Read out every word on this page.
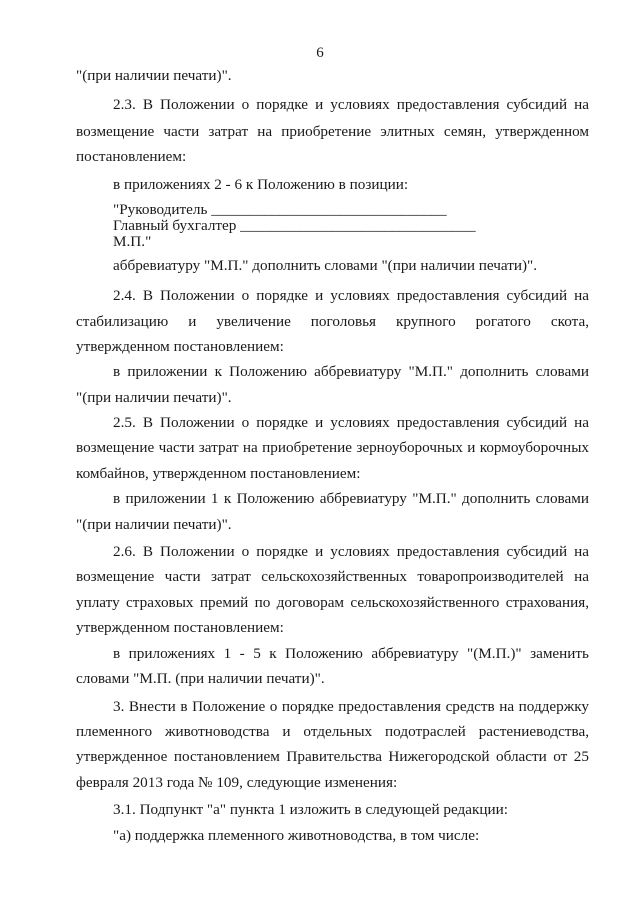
6
"(при наличии печати)".
2.3. В Положении о порядке и условиях предоставления субсидий на
возмещение части затрат на приобретение элитных семян, утвержденном
постановлением:
в приложениях 2 - 6 к Положению в позиции:
"Руководитель _______________________________
Главный бухгалтер _______________________________
М.П."
аббревиатуру "М.П." дополнить словами "(при наличии печати)".
2.4. В Положении о порядке и условиях предоставления субсидий на
стабилизацию и увеличение поголовья крупного рогатого скота,
утвержденном постановлением:
в приложении к Положению аббревиатуру "М.П." дополнить словами
"(при наличии печати)".
2.5. В Положении о порядке и условиях предоставления субсидий на
возмещение части затрат на приобретение зерноуборочных и кормоуборочных
комбайнов, утвержденном постановлением:
в приложении 1 к Положению аббревиатуру "М.П." дополнить словами
"(при наличии печати)".
2.6. В Положении о порядке и условиях предоставления субсидий на
возмещение части затрат сельскохозяйственных товаропроизводителей на
уплату страховых премий по договорам сельскохозяйственного страхования,
утвержденном постановлением:
в приложениях 1 - 5 к Положению аббревиатуру "(М.П.)" заменить
словами "М.П. (при наличии печати)".
3. Внести в Положение о порядке предоставления средств на поддержку
племенного животноводства и отдельных подотраслей растениеводства,
утвержденное постановлением Правительства Нижегородской области от 25
февраля 2013 года № 109, следующие изменения:
3.1. Подпункт "а" пункта 1 изложить в следующей редакции:
"а) поддержка племенного животноводства, в том числе:
